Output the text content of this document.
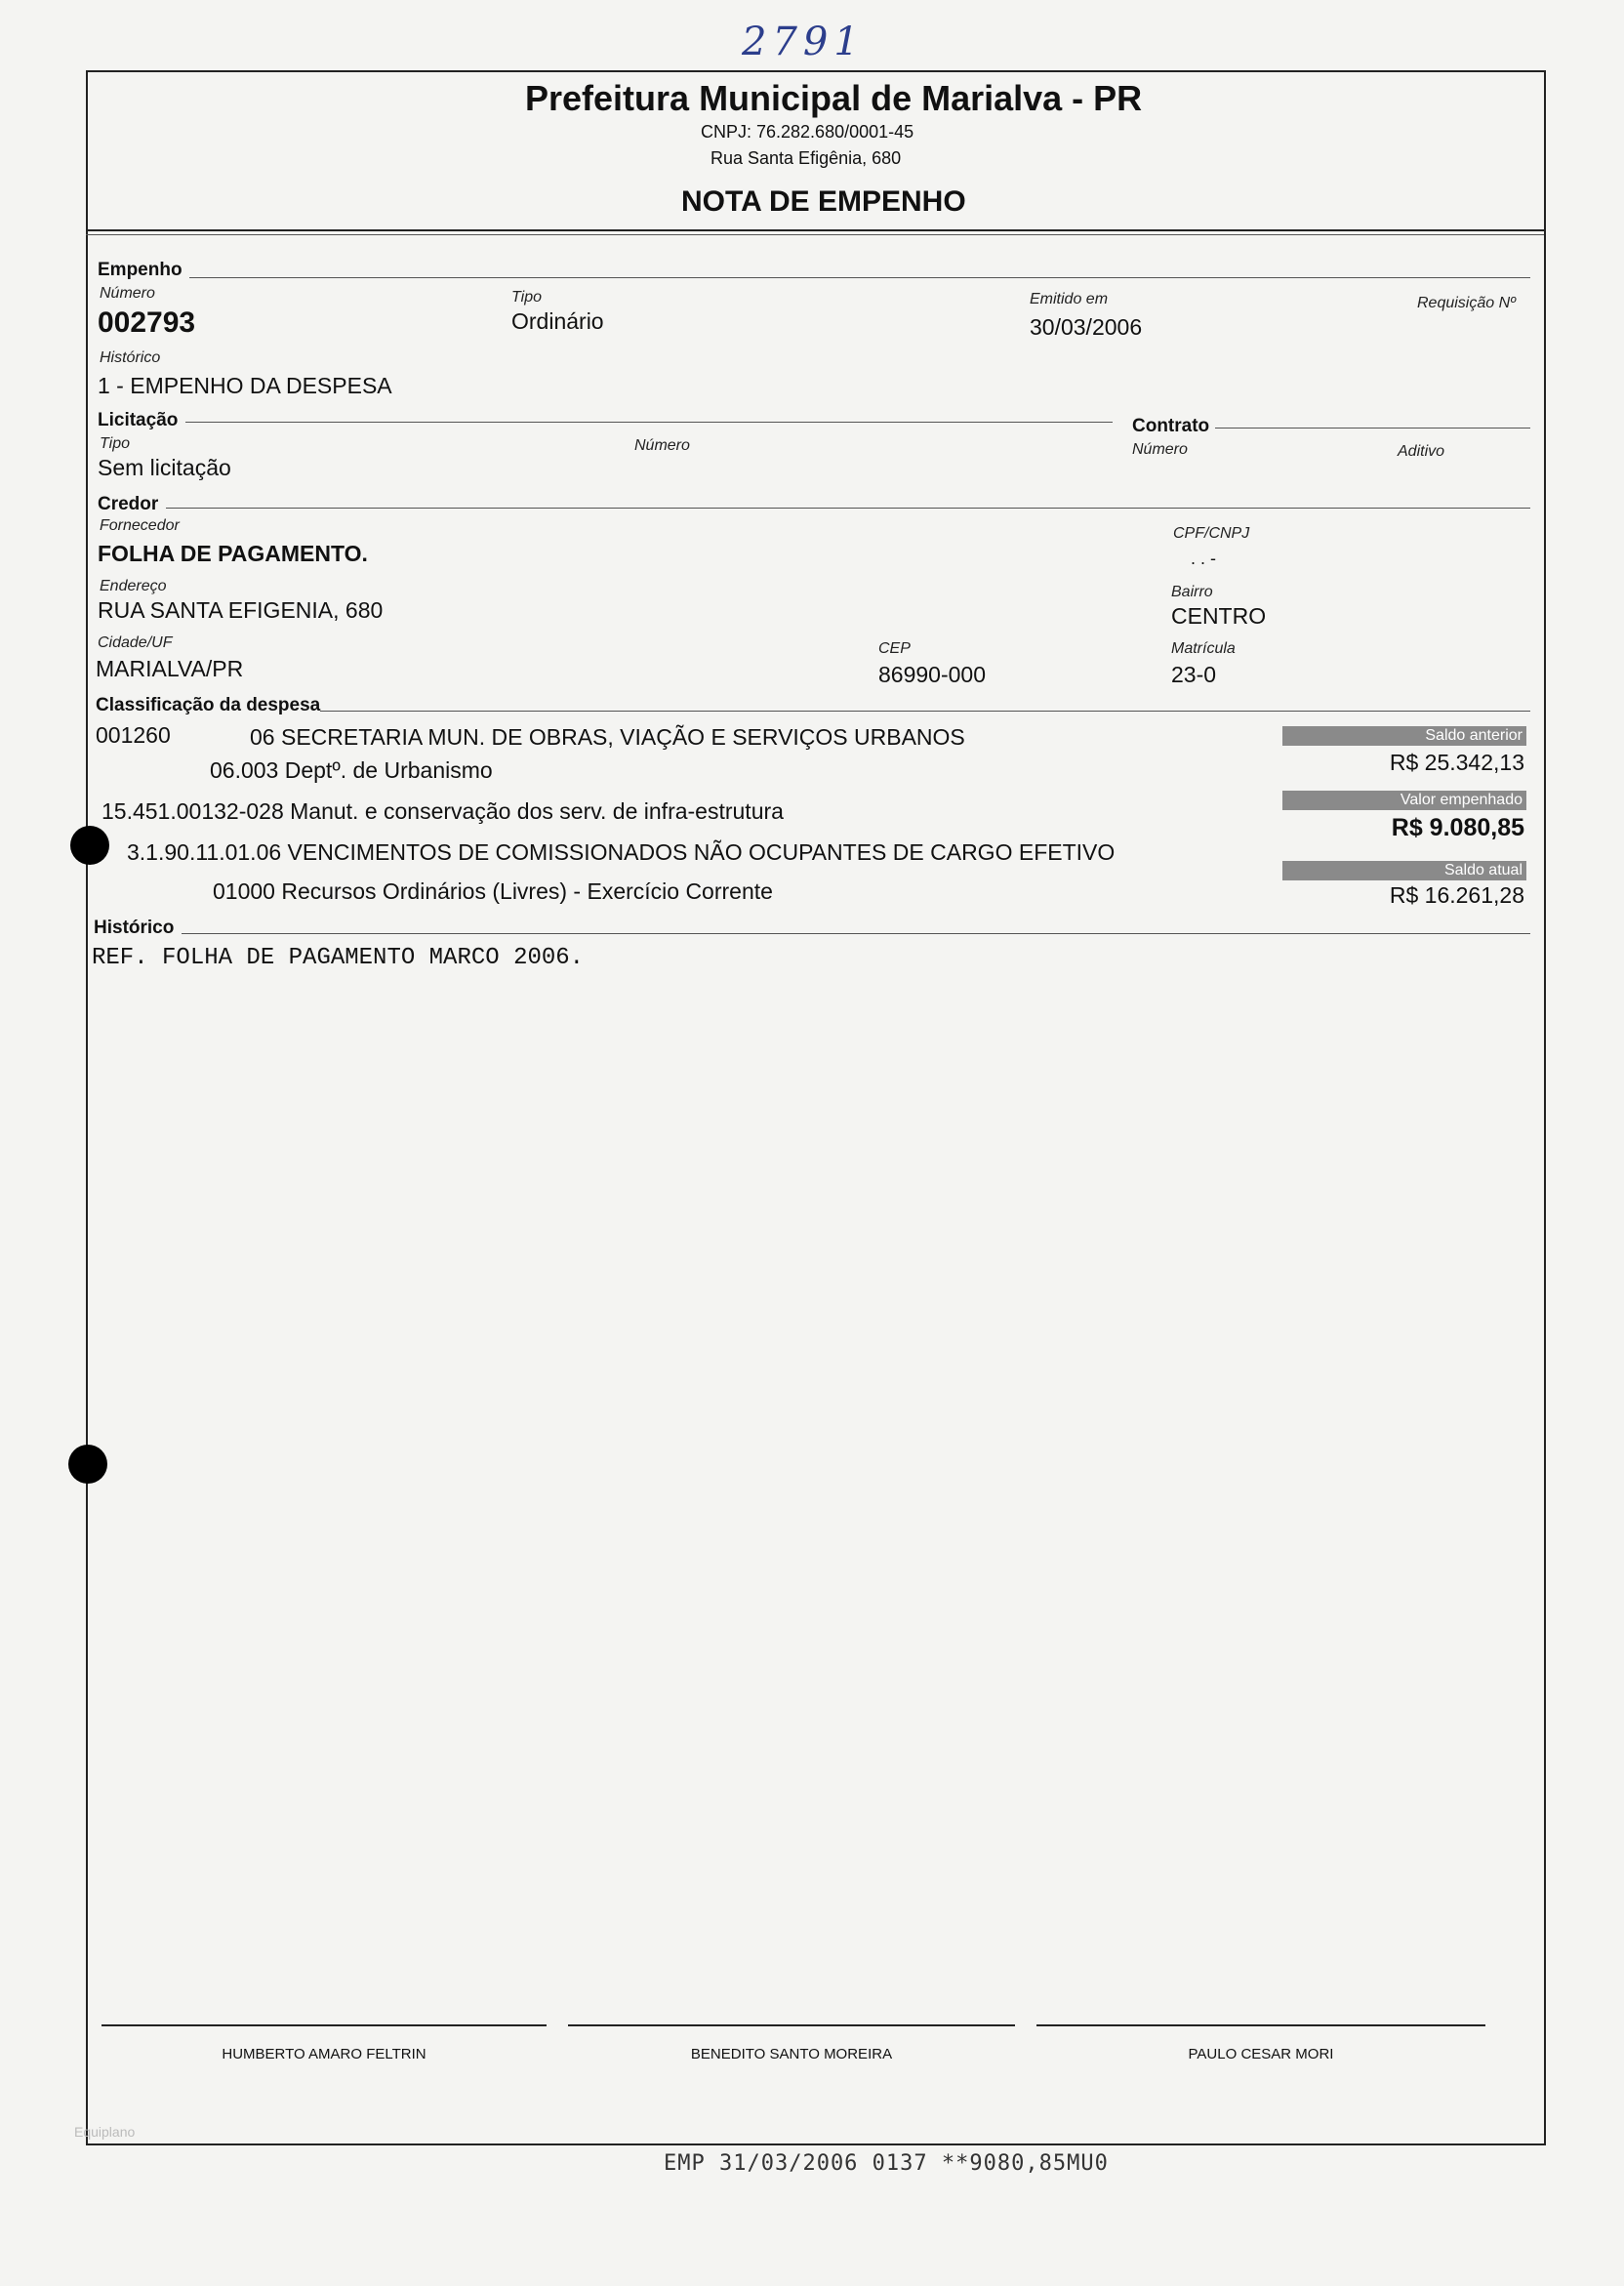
2791
Prefeitura Municipal de Marialva - PR
CNPJ: 76.282.680/0001-45
Rua Santa Efigênia, 680
NOTA DE EMPENHO
Empenho
Número
002793
Tipo
Ordinário
Emitido em
30/03/2006
Requisição Nº
Histórico
1 - EMPENHO DA DESPESA
Licitação
Tipo
Sem licitação
Número
Contrato
Número	Aditivo
Credor
Fornecedor
FOLHA DE PAGAMENTO.
CPF/CNPJ
. . -
Endereço
RUA SANTA EFIGENIA, 680
Bairro
CENTRO
Cidade/UF
MARIALVA/PR
CEP
86990-000
Matrícula
23-0
Classificação da despesa
001260	06 SECRETARIA MUN. DE OBRAS, VIAÇÃO E SERVIÇOS URBANOS
06.003 Deptº. de Urbanismo
15.451.00132-028 Manut. e conservação dos serv. de infra-estrutura
3.1.90.11.01.06 VENCIMENTOS DE COMISSIONADOS NÃO OCUPANTES DE CARGO EFETIVO
01000 Recursos Ordinários (Livres) - Exercício Corrente
Saldo anterior
R$ 25.342,13
Valor empenhado
R$ 9.080,85
Saldo atual
R$ 16.261,28
Histórico
REF. FOLHA DE PAGAMENTO MARCO 2006.
HUMBERTO AMARO FELTRIN	BENEDITO SANTO MOREIRA	PAULO CESAR MORI
Equiplano
EMP 31/03/2006 0137 **9080,85MU0
